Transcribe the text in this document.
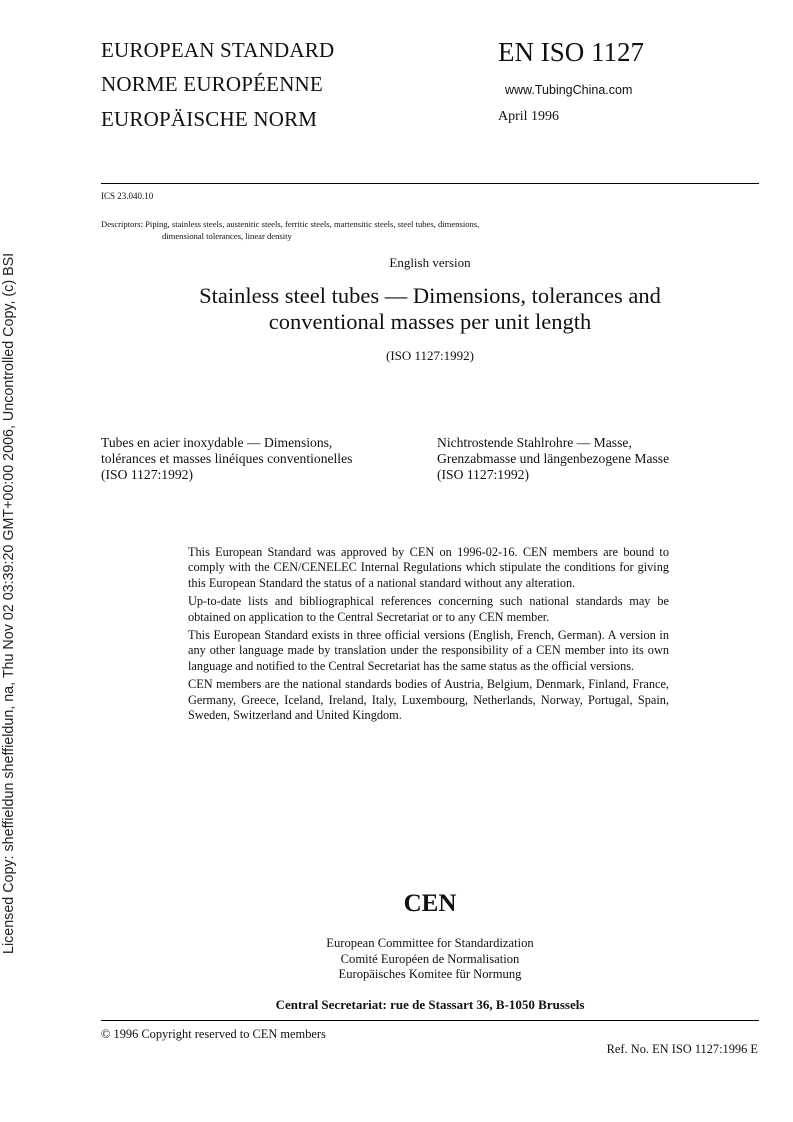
Licensed Copy: sheffieldun sheffieldun, na, Thu Nov 02 03:39:20 GMT+00:00 2006, Uncontrolled Copy, (c) BSI
EUROPEAN STANDARD
NORME EUROPÉENNE
EUROPÄISCHE NORM
EN ISO 1127
www.TubingChina.com
April 1996
ICS 23.040.10
Descriptors: Piping, stainless steels, austenitic steels, ferritic steels, martensitic steels, steel tubes, dimensions,
dimensional tolerances, linear density
English version
Stainless steel tubes — Dimensions, tolerances and
conventional masses per unit length
(ISO 1127:1992)
Tubes en acier inoxydable — Dimensions,
tolérances et masses linéiques conventionelles
(ISO 1127:1992)
Nichtrostende Stahlrohre — Masse,
Grenzabmasse und längenbezogene Masse
(ISO 1127:1992)

This European Standard was approved by CEN on 1996-02-16. CEN members are bound to comply with the CEN/CENELEC Internal Regulations which stipulate the conditions for giving this European Standard the status of a national standard without any alteration.

Up-to-date lists and bibliographical references concerning such national standards may be obtained on application to the Central Secretariat or to any CEN member.

This European Standard exists in three official versions (English, French, German). A version in any other language made by translation under the responsibility of a CEN member into its own language and notified to the Central Secretariat has the same status as the official versions.

CEN members are the national standards bodies of Austria, Belgium, Denmark, Finland, France, Germany, Greece, Iceland, Ireland, Italy, Luxembourg, Netherlands, Norway, Portugal, Spain, Sweden, Switzerland and United Kingdom.

CEN
European Committee for Standardization
Comité Européen de Normalisation
Europäisches Komitee für Normung
Central Secretariat: rue de Stassart 36, B-1050 Brussels
© 1996 Copyright reserved to CEN members
Ref. No. EN ISO 1127:1996 E
